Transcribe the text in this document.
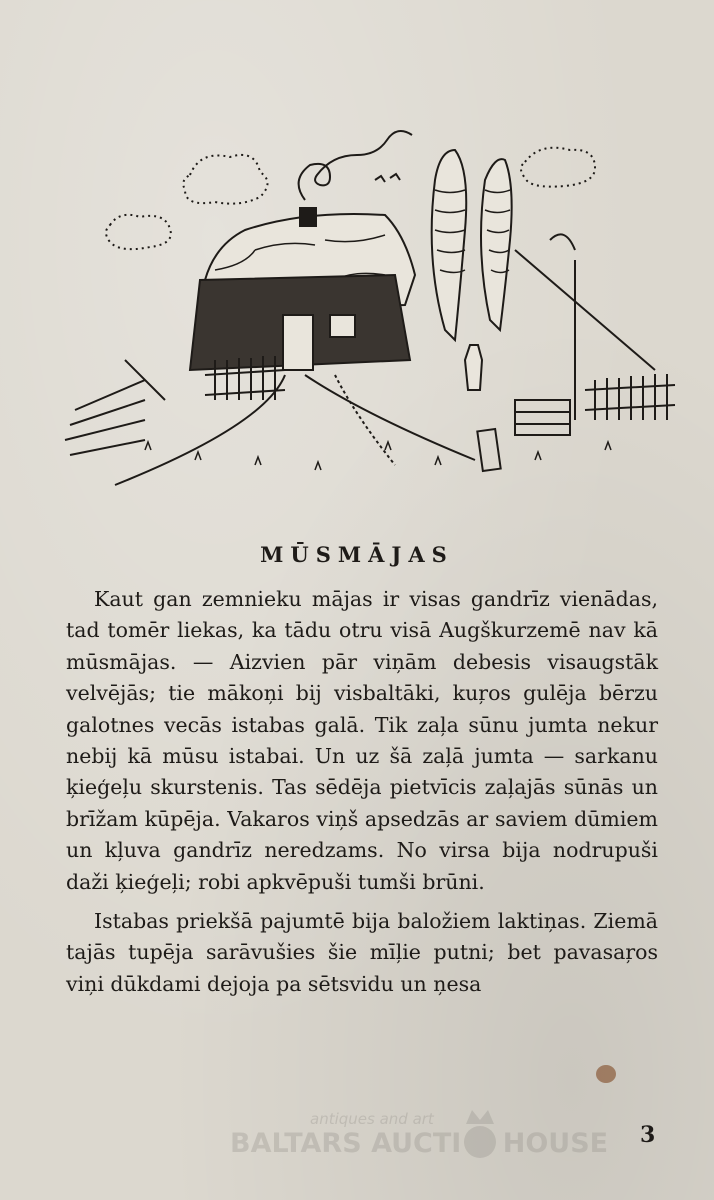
MŪSMĀJAS

Kaut gan zemnieku mājas ir visas gandrīz vienādas, tad tomēr liekas, ka tādu otru visā Augškurzemē nav kā mūsmājas. — Aizvien pār viņām debesis visaugstāk velvējās; tie mākoņi bij visbaltāki, kuŗos gulēja bērzu galotnes vecās istabas galā. Tik zaļa sūnu jumta nekur nebij kā mūsu istabai. Un uz šā zaļā jumta — sarkanu ķieģeļu skurstenis. Tas sēdēja pietvīcis zaļajās sūnās un brīžam kūpēja. Vakaros viņš apsedzās ar saviem dūmiem un kļuva gandrīz neredzams. No virsa bija nodrupuši daži ķieģeļi; robi apkvēpuši tumši brūni.

Istabas priekšā pajumtē bija baložiem laktiņas. Ziemā tajās tupēja sarāvušies šie mīļie putni; bet pavasaŗos viņi dūkdami dejoja pa sētsvidu un ņesa

antiques and art
BALTARS AUCTI N HOUSE 3
